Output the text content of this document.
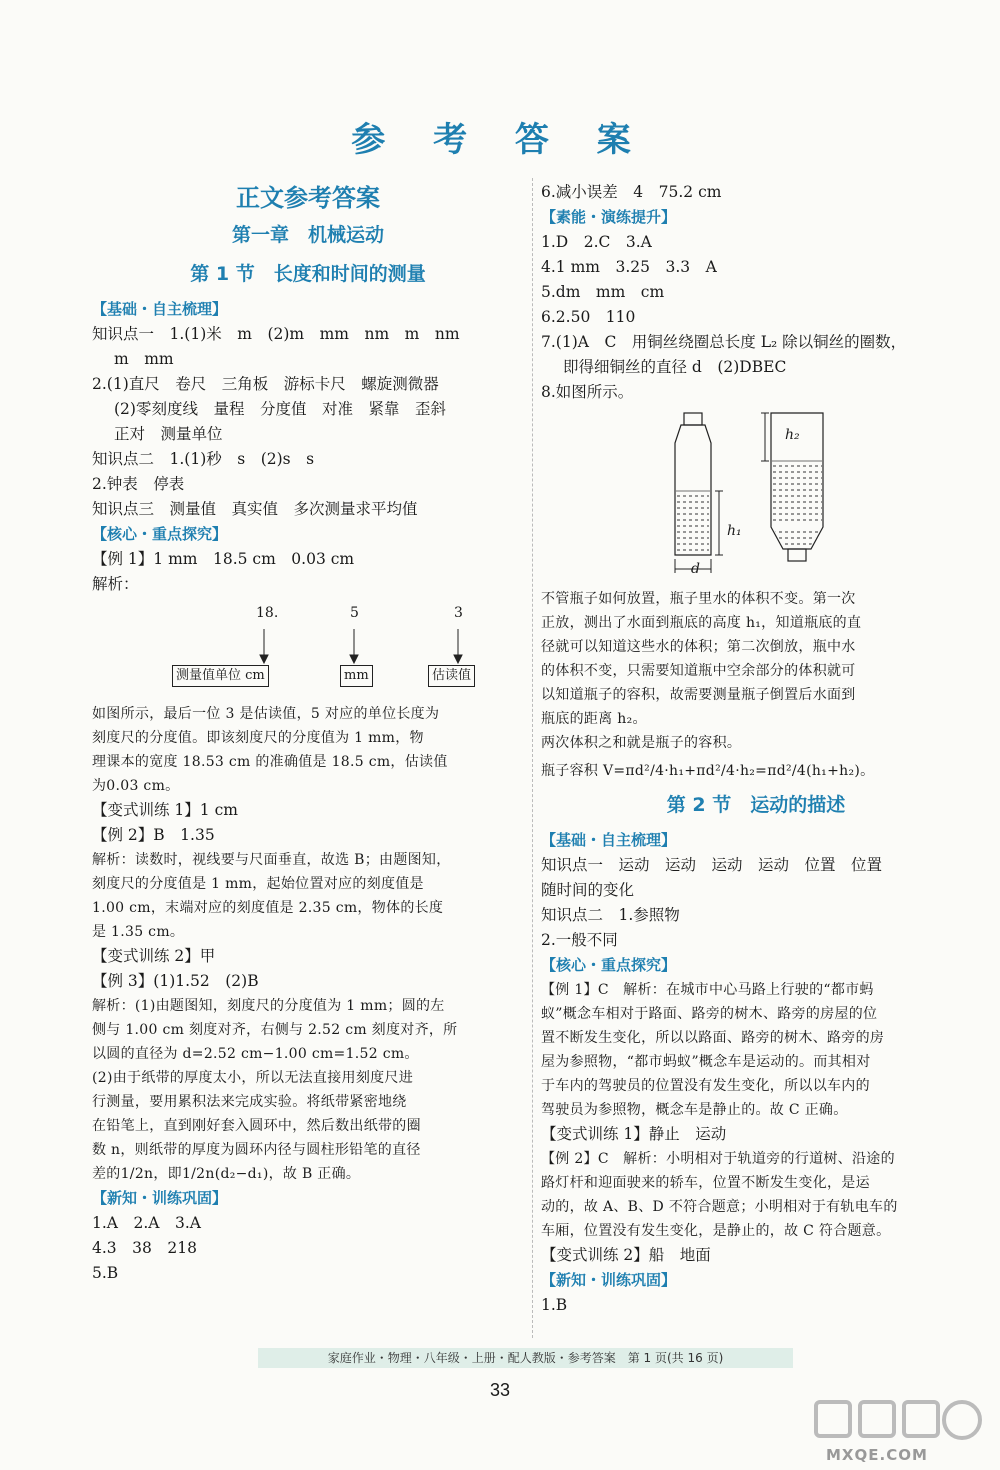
参 考 答 案
正文参考答案
第一章　机械运动
第 1 节　长度和时间的测量
【基础・自主梳理】
知识点一　1.(1)米　m　(2)m　mm　nm　m　nm
m　mm
2.(1)直尺　卷尺　三角板　游标卡尺　螺旋测微器
(2)零刻度线　量程　分度值　对准　紧靠　歪斜
正对　测量单位
知识点二　1.(1)秒　s　(2)s　s
2.钟表　停表
知识点三　测量值　真实值　多次测量求平均值
【核心・重点探究】
【例 1】1 mm　18.5 cm　0.03 cm
解析：
18.	5	3
测量值单位 cm	mm	估读值
如图所示，最后一位 3 是估读值，5 对应的单位长度为
刻度尺的分度值。即该刻度尺的分度值为 1 mm，物
理课本的宽度 18.53 cm 的准确值是 18.5 cm，估读值
为0.03 cm。
【变式训练 1】1 cm
【例 2】B　1.35
解析：读数时，视线要与尺面垂直，故选 B；由题图知，
刻度尺的分度值是 1 mm，起始位置对应的刻度值是
1.00 cm，末端对应的刻度值是 2.35 cm，物体的长度
是 1.35 cm。
【变式训练 2】甲
【例 3】(1)1.52　(2)B
解析：(1)由题图知，刻度尺的分度值为 1 mm；圆的左
侧与 1.00 cm 刻度对齐，右侧与 2.52 cm 刻度对齐，所
以圆的直径为 d=2.52 cm−1.00 cm=1.52 cm。
(2)由于纸带的厚度太小，所以无法直接用刻度尺进
行测量，要用累积法来完成实验。将纸带紧密地绕
在铅笔上，直到刚好套入圆环中，然后数出纸带的圈
数 n，则纸带的厚度为圆环内径与圆柱形铅笔的直径
差的1/2n，即1/2n(d₂−d₁)，故 B 正确。
【新知・训练巩固】
1.A　2.A　3.A
4.3　38　218
5.B
6.减小误差　4　75.2 cm
【素能・演练提升】
1.D　2.C　3.A
4.1 mm　3.25　3.3　A
5.dm　mm　cm
6.2.50　110
7.(1)A　C　用铜丝绕圈总长度 L₂ 除以铜丝的圈数，
即得细铜丝的直径 d　(2)DBEC
8.如图所示。
h₁
h₂
d
不管瓶子如何放置，瓶子里水的体积不变。第一次
正放，测出了水面到瓶底的高度 h₁，知道瓶底的直
径就可以知道这些水的体积；第二次倒放，瓶中水
的体积不变，只需要知道瓶中空余部分的体积就可
以知道瓶子的容积，故需要测量瓶子倒置后水面到
瓶底的距离 h₂。
两次体积之和就是瓶子的容积。
瓶子容积 V=πd²/4·h₁+πd²/4·h₂=πd²/4(h₁+h₂)。
第 2 节　运动的描述
【基础・自主梳理】
知识点一　运动　运动　运动　运动　位置　位置
随时间的变化
知识点二　1.参照物
2.一般不同
【核心・重点探究】
【例 1】C　解析：在城市中心马路上行驶的“都市蚂
蚁”概念车相对于路面、路旁的树木、路旁的房屋的位
置不断发生变化，所以以路面、路旁的树木、路旁的房
屋为参照物，“都市蚂蚁”概念车是运动的。而其相对
于车内的驾驶员的位置没有发生变化，所以以车内的
驾驶员为参照物，概念车是静止的。故 C 正确。
【变式训练 1】静止　运动
【例 2】C　解析：小明相对于轨道旁的行道树、沿途的
路灯杆和迎面驶来的轿车，位置不断发生变化，是运
动的，故 A、B、D 不符合题意；小明相对于有轨电车的
车厢，位置没有发生变化，是静止的，故 C 符合题意。
【变式训练 2】船　地面
【新知・训练巩固】
1.B
家庭作业・物理・八年级・上册・配人教版・参考答案　第 1 页(共 16 页)
33
MXQE.COM
